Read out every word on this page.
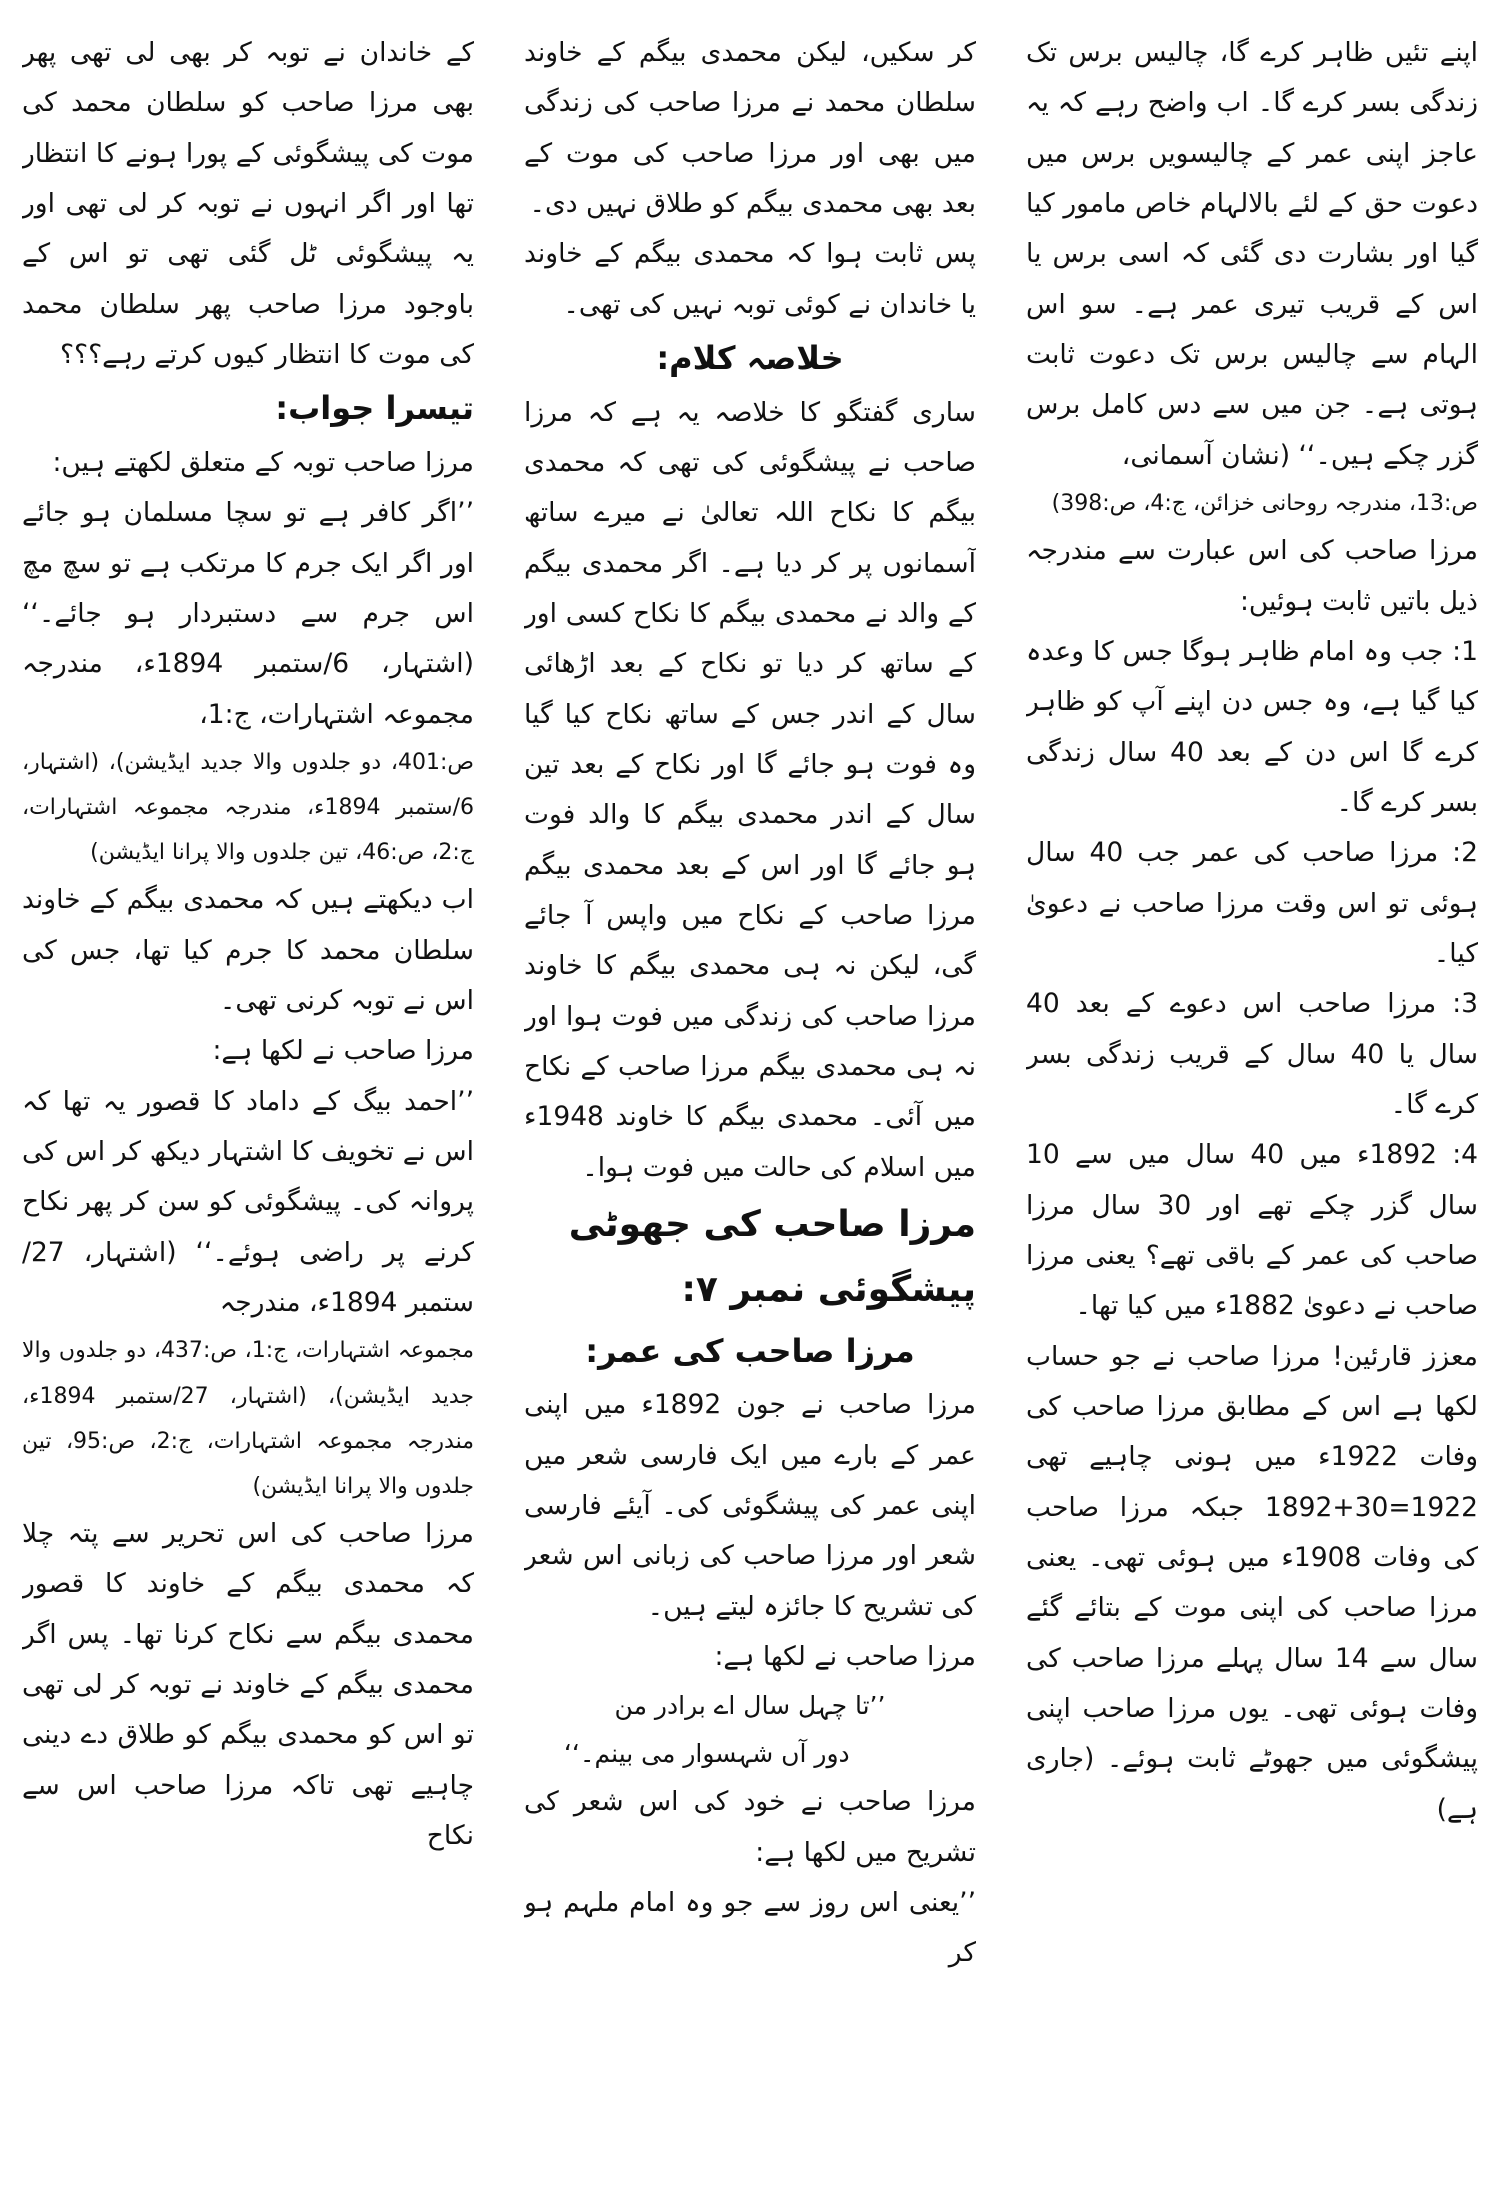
کے خاندان نے توبہ کر بھی لی تھی پھر بھی مرزا صاحب کو سلطان محمد کی موت کی پیشگوئی کے پورا ہونے کا انتظار تھا اور اگر انہوں نے توبہ کر لی تھی اور یہ پیشگوئی ٹل گئی تھی تو اس کے باوجود مرزا صاحب پھر سلطان محمد کی موت کا انتظار کیوں کرتے رہے؟؟؟

تیسرا جواب:

مرزا صاحب توبہ کے متعلق لکھتے ہیں:

’’اگر کافر ہے تو سچا مسلمان ہو جائے اور اگر ایک جرم کا مرتکب ہے تو سچ مچ اس جرم سے دستبردار ہو جائے۔‘‘ (اشتہار، 6/ستمبر 1894ء، مندرجہ مجموعہ اشتہارات، ج:1،

ص:401، دو جلدوں والا جدید ایڈیشن)، (اشتہار، 6/ستمبر 1894ء، مندرجہ مجموعہ اشتہارات، ج:2، ص:46، تین جلدوں والا پرانا ایڈیشن)

اب دیکھتے ہیں کہ محمدی بیگم کے خاوند سلطان محمد کا جرم کیا تھا، جس کی اس نے توبہ کرنی تھی۔

مرزا صاحب نے لکھا ہے:

’’احمد بیگ کے داماد کا قصور یہ تھا کہ اس نے تخویف کا اشتہار دیکھ کر اس کی پروانہ کی۔ پیشگوئی کو سن کر پھر نکاح کرنے پر راضی ہوئے۔‘‘ (اشتہار، 27/ستمبر 1894ء، مندرجہ

مجموعہ اشتہارات، ج:1، ص:437، دو جلدوں والا جدید ایڈیشن)، (اشتہار، 27/ستمبر 1894ء، مندرجہ مجموعہ اشتہارات، ج:2، ص:95، تین جلدوں والا پرانا ایڈیشن)

مرزا صاحب کی اس تحریر سے پتہ چلا کہ محمدی بیگم کے خاوند کا قصور محمدی بیگم سے نکاح کرنا تھا۔ پس اگر محمدی بیگم کے خاوند نے توبہ کر لی تھی تو اس کو محمدی بیگم کو طلاق دے دینی چاہیے تھی تاکہ مرزا صاحب اس سے نکاح

کر سکیں، لیکن محمدی بیگم کے خاوند سلطان محمد نے مرزا صاحب کی زندگی میں بھی اور مرزا صاحب کی موت کے بعد بھی محمدی بیگم کو طلاق نہیں دی۔

پس ثابت ہوا کہ محمدی بیگم کے خاوند یا خاندان نے کوئی توبہ نہیں کی تھی۔

خلاصہ کلام:

ساری گفتگو کا خلاصہ یہ ہے کہ مرزا صاحب نے پیشگوئی کی تھی کہ محمدی بیگم کا نکاح اللہ تعالیٰ نے میرے ساتھ آسمانوں پر کر دیا ہے۔ اگر محمدی بیگم کے والد نے محمدی بیگم کا نکاح کسی اور کے ساتھ کر دیا تو نکاح کے بعد اڑھائی سال کے اندر جس کے ساتھ نکاح کیا گیا وہ فوت ہو جائے گا اور نکاح کے بعد تین سال کے اندر محمدی بیگم کا والد فوت ہو جائے گا اور اس کے بعد محمدی بیگم مرزا صاحب کے نکاح میں واپس آ جائے گی، لیکن نہ ہی محمدی بیگم کا خاوند مرزا صاحب کی زندگی میں فوت ہوا اور نہ ہی محمدی بیگم مرزا صاحب کے نکاح میں آئی۔ محمدی بیگم کا خاوند 1948ء میں اسلام کی حالت میں فوت ہوا۔

مرزا صاحب کی جھوٹی پیشگوئی نمبر ۷:

مرزا صاحب کی عمر:

مرزا صاحب نے جون 1892ء میں اپنی عمر کے بارے میں ایک فارسی شعر میں اپنی عمر کی پیشگوئی کی۔ آیئے فارسی شعر اور مرزا صاحب کی زبانی اس شعر کی تشریح کا جائزہ لیتے ہیں۔

مرزا صاحب نے لکھا ہے:

’’تا چہل سال اے برادر من

دور آں شہسوار می بینم۔‘‘

مرزا صاحب نے خود کی اس شعر کی تشریح میں لکھا ہے:

’’یعنی اس روز سے جو وہ امام ملہم ہو کر

اپنے تئیں ظاہر کرے گا، چالیس برس تک زندگی بسر کرے گا۔ اب واضح رہے کہ یہ عاجز اپنی عمر کے چالیسویں برس میں دعوت حق کے لئے بالالہام خاص مامور کیا گیا اور بشارت دی گئی کہ اسی برس یا اس کے قریب تیری عمر ہے۔ سو اس الہام سے چالیس برس تک دعوت ثابت ہوتی ہے۔ جن میں سے دس کامل برس گزر چکے ہیں۔‘‘ (نشان آسمانی،

ص:13، مندرجہ روحانی خزائن، ج:4، ص:398)

مرزا صاحب کی اس عبارت سے مندرجہ ذیل باتیں ثابت ہوئیں:

1: جب وہ امام ظاہر ہوگا جس کا وعدہ کیا گیا ہے، وہ جس دن اپنے آپ کو ظاہر کرے گا اس دن کے بعد 40 سال زندگی بسر کرے گا۔

2: مرزا صاحب کی عمر جب 40 سال ہوئی تو اس وقت مرزا صاحب نے دعویٰ کیا۔

3: مرزا صاحب اس دعوے کے بعد 40 سال یا 40 سال کے قریب زندگی بسر کرے گا۔

4: 1892ء میں 40 سال میں سے 10 سال گزر چکے تھے اور 30 سال مرزا صاحب کی عمر کے باقی تھے؟ یعنی مرزا صاحب نے دعویٰ 1882ء میں کیا تھا۔

معزز قارئین! مرزا صاحب نے جو حساب لکھا ہے اس کے مطابق مرزا صاحب کی وفات 1922ء میں ہونی چاہیے تھی 1922=30+1892 جبکہ مرزا صاحب کی وفات 1908ء میں ہوئی تھی۔ یعنی مرزا صاحب کی اپنی موت کے بتائے گئے سال سے 14 سال پہلے مرزا صاحب کی وفات ہوئی تھی۔ یوں مرزا صاحب اپنی پیشگوئی میں جھوٹے ثابت ہوئے۔ (جاری ہے)
